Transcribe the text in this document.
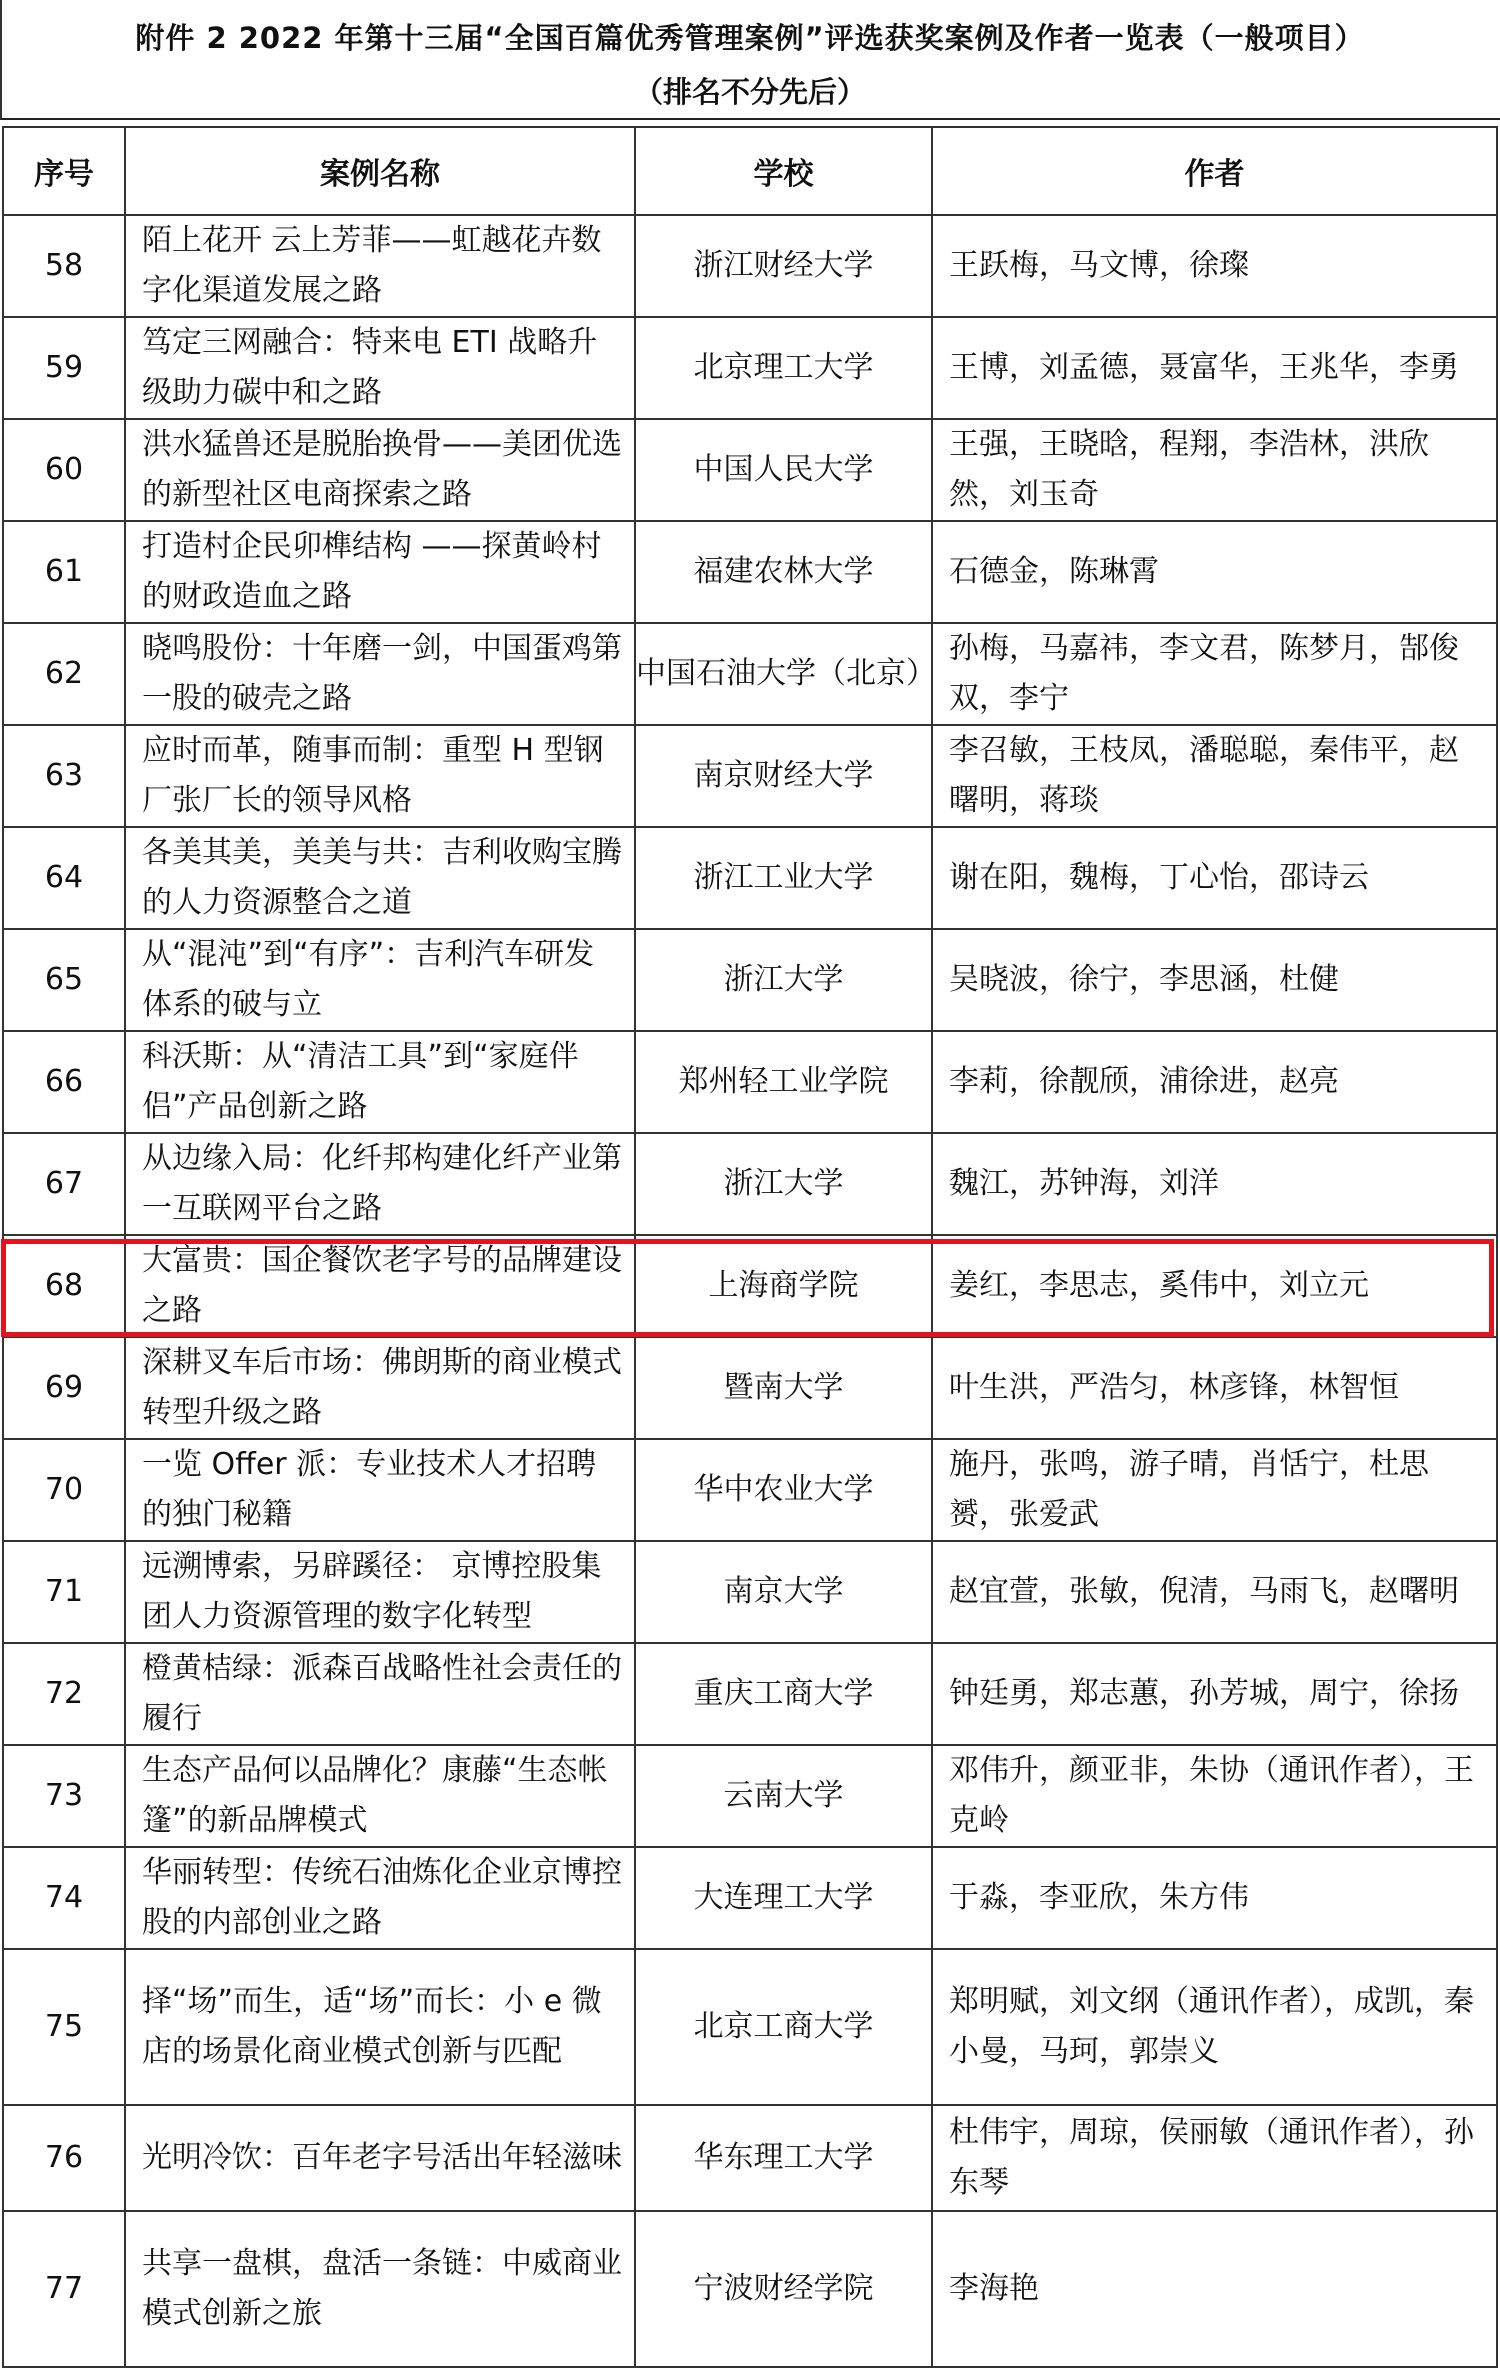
附件 2 2022 年第十三届“全国百篇优秀管理案例”评选获奖案例及作者一览表（一般项目）
（排名不分先后）
序号	案例名称	学校	作者
58	陌上花开 云上芳菲——虹越花卉数字化渠道发展之路	浙江财经大学	王跃梅，马文博，徐璨
59	笃定三网融合：特来电 ETI 战略升级助力碳中和之路	北京理工大学	王博，刘孟德，聂富华，王兆华，李勇
60	洪水猛兽还是脱胎换骨——美团优选的新型社区电商探索之路	中国人民大学	王强，王晓晗，程翔，李浩林，洪欣然，刘玉奇
61	打造村企民卯榫结构 ——探黄岭村的财政造血之路	福建农林大学	石德金，陈琳霄
62	晓鸣股份：十年磨一剑，中国蛋鸡第一股的破壳之路	中国石油大学（北京）	孙梅，马嘉祎，李文君，陈梦月，郜俊双，李宁
63	应时而革，随事而制：重型 H 型钢厂张厂长的领导风格	南京财经大学	李召敏，王枝凤，潘聪聪，秦伟平，赵曙明，蒋琰
64	各美其美，美美与共：吉利收购宝腾的人力资源整合之道	浙江工业大学	谢在阳，魏梅，丁心怡，邵诗云
65	从“混沌”到“有序”：吉利汽车研发体系的破与立	浙江大学	吴晓波，徐宁，李思涵，杜健
66	科沃斯：从“清洁工具”到“家庭伴侣”产品创新之路	郑州轻工业学院	李莉，徐靓颀，浦徐进，赵亮
67	从边缘入局：化纤邦构建化纤产业第一互联网平台之路	浙江大学	魏江，苏钟海，刘洋
68	大富贵：国企餐饮老字号的品牌建设之路	上海商学院	姜红，李思志，奚伟中，刘立元
69	深耕叉车后市场：佛朗斯的商业模式转型升级之路	暨南大学	叶生洪，严浩匀，林彦锋，林智恒
70	一览 Offer 派：专业技术人才招聘的独门秘籍	华中农业大学	施丹，张鸣，游子晴，肖恬宁，杜思赟，张爱武
71	远溯博索，另辟蹊径： 京博控股集团人力资源管理的数字化转型	南京大学	赵宜萱，张敏，倪清，马雨飞，赵曙明
72	橙黄桔绿：派森百战略性社会责任的履行	重庆工商大学	钟廷勇，郑志蕙，孙芳城，周宁，徐扬
73	生态产品何以品牌化？康藤“生态帐篷”的新品牌模式	云南大学	邓伟升，颜亚非，朱协（通讯作者），王克岭
74	华丽转型：传统石油炼化企业京博控股的内部创业之路	大连理工大学	于淼，李亚欣，朱方伟
75	择“场”而生，适“场”而长：小 e 微店的场景化商业模式创新与匹配	北京工商大学	郑明赋，刘文纲（通讯作者），成凯，秦小曼，马珂，郭崇义
76	光明冷饮：百年老字号活出年轻滋味	华东理工大学	杜伟宇，周琼，侯丽敏（通讯作者），孙东琴
77	共享一盘棋，盘活一条链：中威商业模式创新之旅	宁波财经学院	李海艳
